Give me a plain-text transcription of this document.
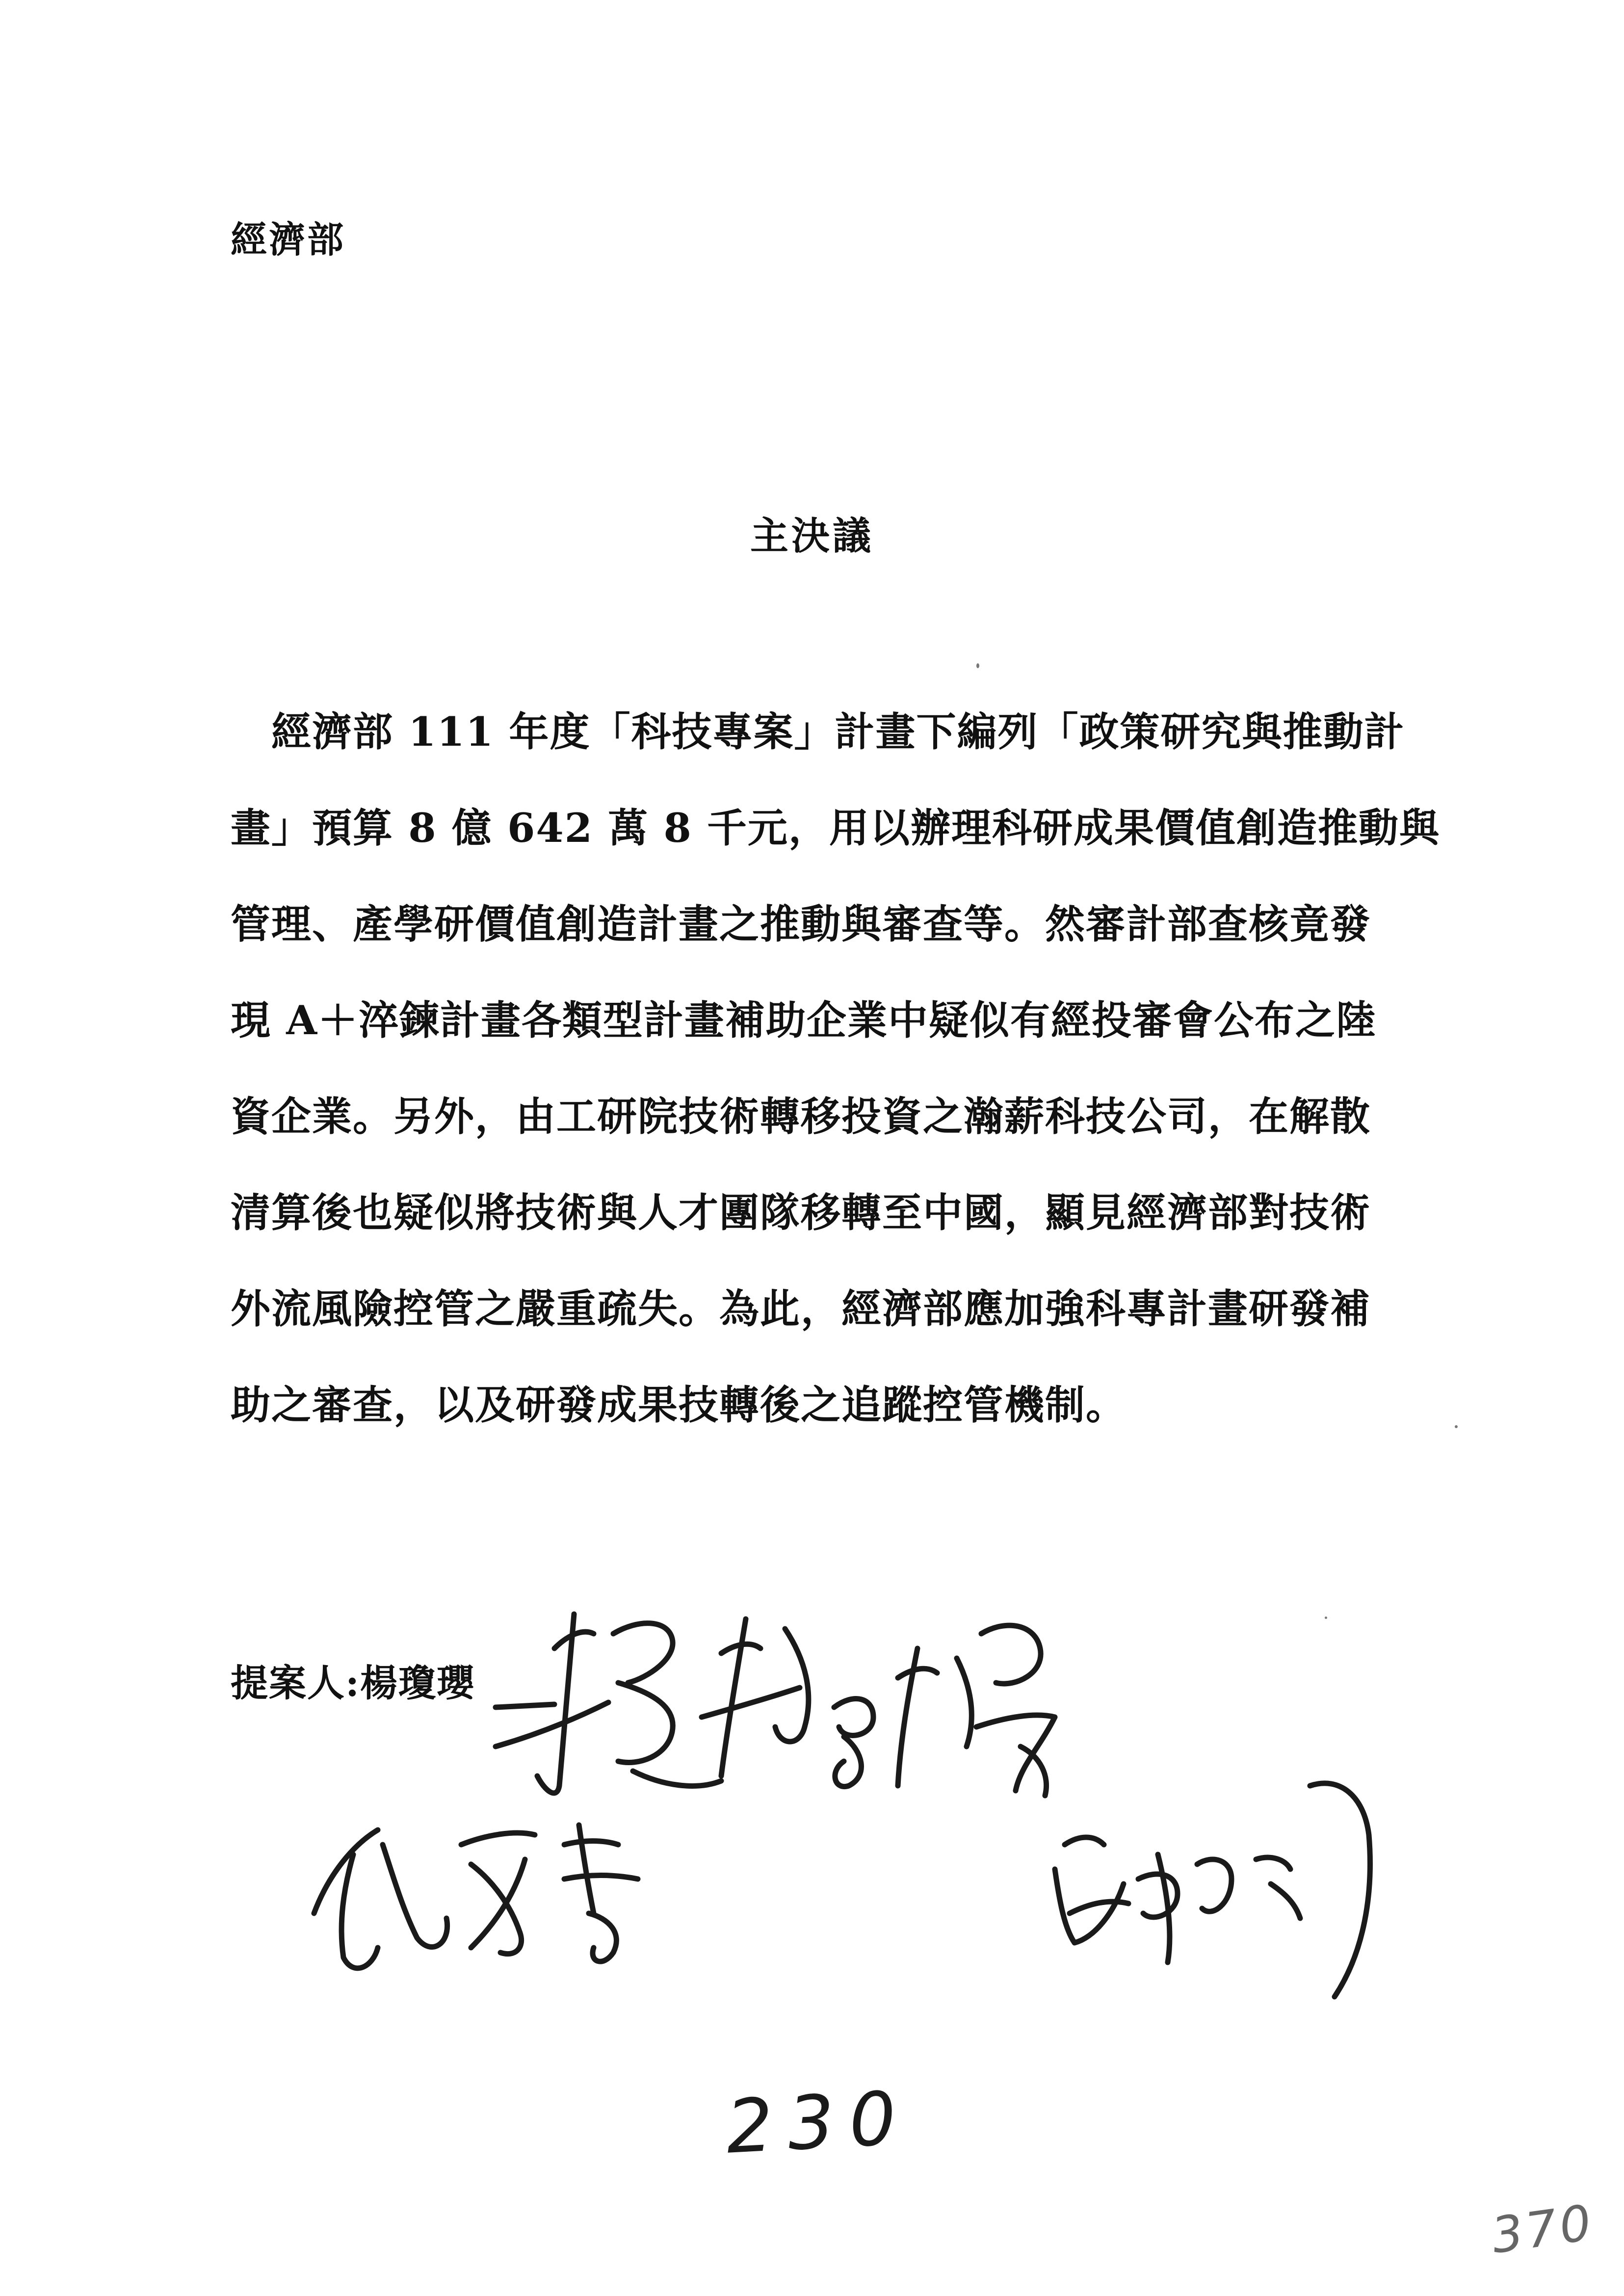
經濟部
主決議
　經濟部 111 年度「科技專案」計畫下編列「政策研究與推動計
畫」預算 8 億 642 萬 8 千元，用以辦理科研成果價值創造推動與
管理、產學研價值創造計畫之推動與審查等。然審計部查核竟發
現 A＋淬鍊計畫各類型計畫補助企業中疑似有經投審會公布之陸
資企業。另外，由工研院技術轉移投資之瀚薪科技公司，在解散
清算後也疑似將技術與人才團隊移轉至中國，顯見經濟部對技術
外流風險控管之嚴重疏失。為此，經濟部應加強科專計畫研發補
助之審查，以及研發成果技轉後之追蹤控管機制。
提案人:楊瓊瓔
230
370
